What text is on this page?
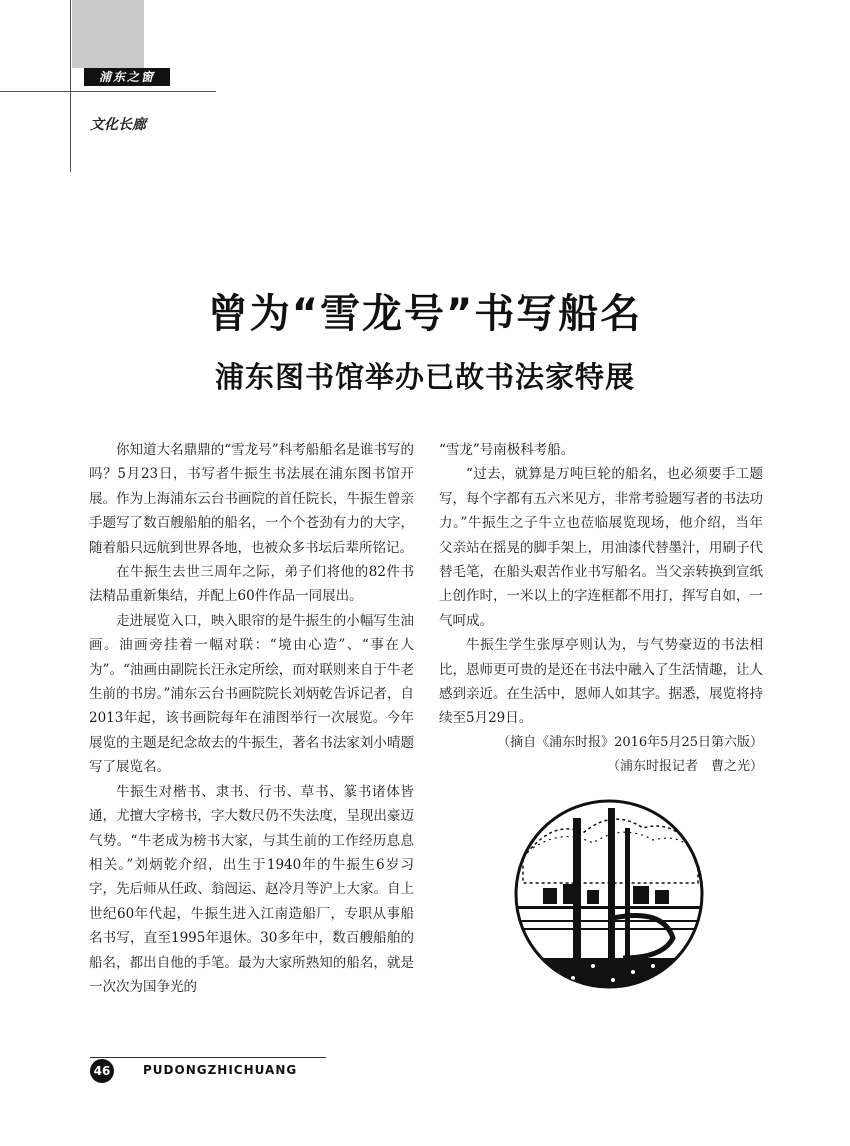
浦东之窗
文化长廊
曾为“雪龙号”书写船名
浦东图书馆举办已故书法家特展

你知道大名鼎鼎的“雪龙号”科考船船名是谁书写的吗？5月23日，书写者牛振生书法展在浦东图书馆开展。作为上海浦东云台书画院的首任院长，牛振生曾亲手题写了数百艘船舶的船名，一个个苍劲有力的大字，随着船只远航到世界各地，也被众多书坛后辈所铭记。

在牛振生去世三周年之际，弟子们将他的82件书法精品重新集结，并配上60件作品一同展出。

走进展览入口，映入眼帘的是牛振生的小幅写生油画。油画旁挂着一幅对联：“境由心造”、“事在人为”。“油画由副院长汪永定所绘，而对联则来自于牛老生前的书房。”浦东云台书画院院长刘炳乾告诉记者，自2013年起，该书画院每年在浦图举行一次展览。今年展览的主题是纪念故去的牛振生，著名书法家刘小晴题写了展览名。

牛振生对楷书、隶书、行书、草书、篆书诸体皆通，尤擅大字榜书，字大数尺仍不失法度，呈现出豪迈气势。“牛老成为榜书大家，与其生前的工作经历息息相关。”刘炳乾介绍，出生于1940年的牛振生6岁习字，先后师从任政、翁闿运、赵冷月等沪上大家。自上世纪60年代起，牛振生进入江南造船厂，专职从事船名书写，直至1995年退休。30多年中，数百艘船舶的船名，都出自他的手笔。最为大家所熟知的船名，就是一次次为国争光的

“雪龙”号南极科考船。

“过去，就算是万吨巨轮的船名，也必须要手工题写，每个字都有五六米见方，非常考验题写者的书法功力。”牛振生之子牛立也莅临展览现场，他介绍，当年父亲站在摇晃的脚手架上，用油漆代替墨汁，用刷子代替毛笔，在船头艰苦作业书写船名。当父亲转换到宣纸上创作时，一米以上的字连框都不用打，挥写自如，一气呵成。

牛振生学生张厚亭则认为，与气势豪迈的书法相比，恩师更可贵的是还在书法中融入了生活情趣，让人感到亲近。在生活中，恩师人如其字。据悉，展览将持续至5月29日。

（摘自《浦东时报》2016年5月25日第六版）

（浦东时报记者　曹之光）

46	PUDONGZHICHUANG
